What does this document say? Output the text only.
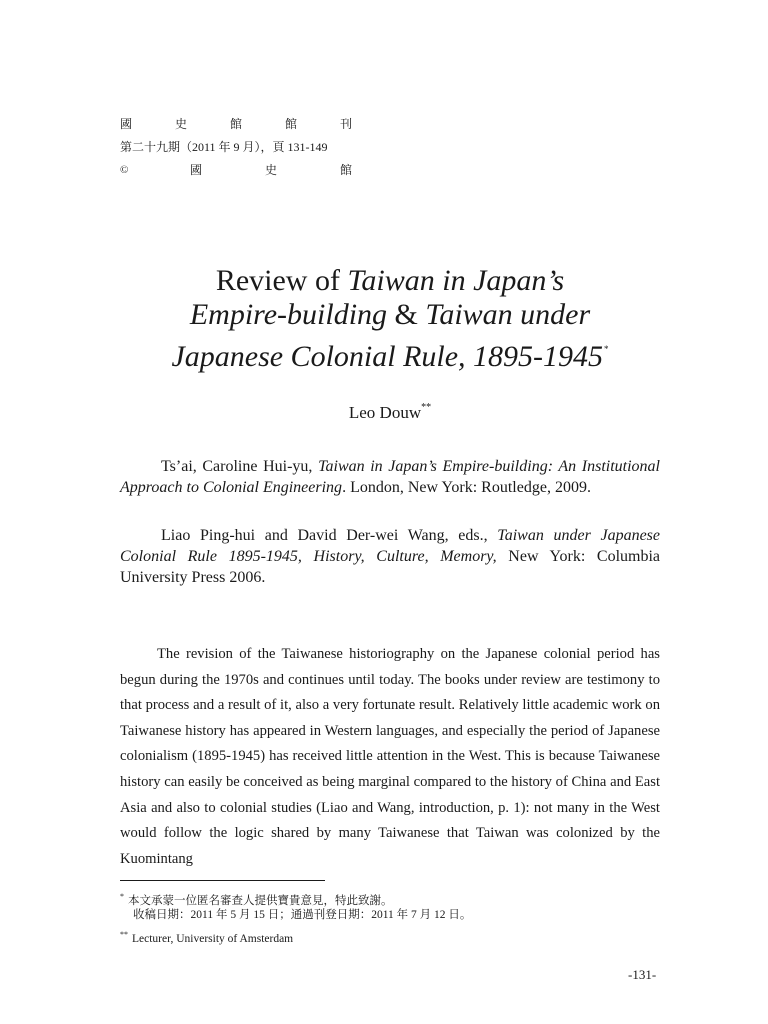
國	史	館	館	刊
第二十九期（2011 年 9 月），頁 131-149
©	國	史	館
Review of Taiwan in Japan’s
Empire-building & Taiwan under
Japanese Colonial Rule, 1895-1945*
Leo Douw**
Ts’ai, Caroline Hui-yu, Taiwan in Japan’s Empire-building: An Institutional Approach to Colonial Engineering. London, New York: Routledge, 2009.
Liao Ping-hui and David Der-wei Wang, eds., Taiwan under Japanese Colonial Rule 1895-1945, History, Culture, Memory, New York: Columbia University Press 2006.
The revision of the Taiwanese historiography on the Japanese colonial period has begun during the 1970s and continues until today. The books under review are testimony to that process and a result of it, also a very fortunate result. Relatively little academic work on Taiwanese history has appeared in Western languages, and especially the period of Japanese colonialism (1895-1945) has received little attention in the West. This is because Taiwanese history can easily be conceived as being marginal compared to the history of China and East Asia and also to colonial studies (Liao and Wang, introduction, p. 1): not many in the West would follow the logic shared by many Taiwanese that Taiwan was colonized by the Kuomintang
* 本文承蒙一位匿名審查人提供寶貴意見，特此致謝。
收稿日期：2011 年 5 月 15 日；通過刊登日期：2011 年 7 月 12 日。
** Lecturer, University of Amsterdam
-131-
